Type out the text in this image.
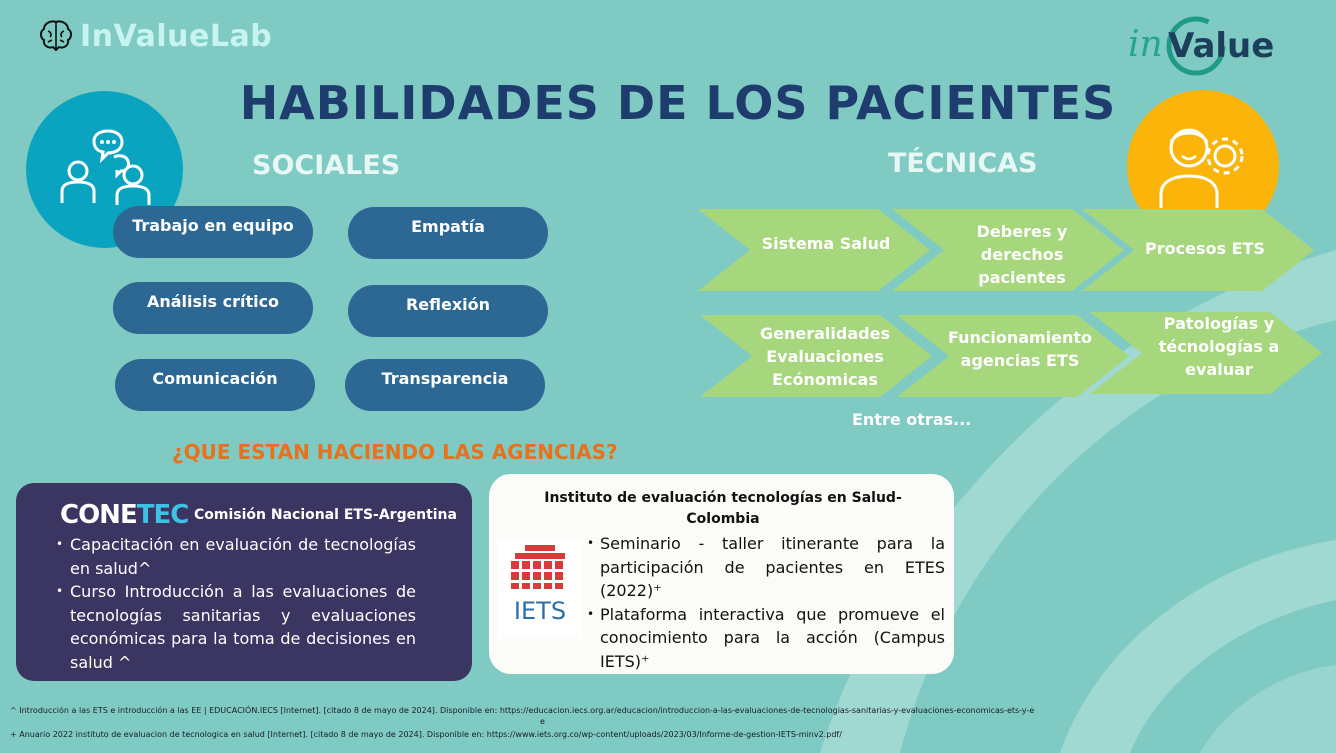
InValueLab	in Value
HABILIDADES DE LOS PACIENTES
SOCIALES	TÉCNICAS
Trabajo en equipo	Empatía
Análisis crítico	Reflexión
Comunicación	Transparencia
Sistema Salud
Deberes y
derechos
pacientes
Procesos ETS
Generalidades
Evaluaciones
Ecónomicas
Funcionamiento
agencias ETS
Patologías y
técnologías a
evaluar
Entre otras...
¿QUE ESTAN HACIENDO LAS AGENCIAS?
CONETEC Comisión Nacional ETS-Argentina
• Capacitación en evaluación de tecnologías en salud^
• Curso Introducción a las evaluaciones de tecnologías sanitarias y evaluaciones económicas para la toma de decisiones en salud ^
Instituto de evaluación tecnologías en Salud-Colombia
IETS
• Seminario - taller itinerante para la participación de pacientes en ETES (2022)⁺
• Plataforma interactiva que promueve el conocimiento para la acción (Campus IETS)⁺
^ Introducción a las ETS e introducción a las EE | EDUCACIÓN.IECS [Internet]. [citado 8 de mayo de 2024]. Disponible en: https://educacion.iecs.org.ar/educacion/introduccion-a-las-evaluaciones-de-tecnologias-sanitarias-y-evaluaciones-economicas-ets-y-e
e
+ Anuario 2022 instituto de evaluacion de tecnologica en salud [Internet]. [citado 8 de mayo de 2024]. Disponible en: https://www.iets.org.co/wp-content/uploads/2023/03/Informe-de-gestion-IETS-minv2.pdf/
